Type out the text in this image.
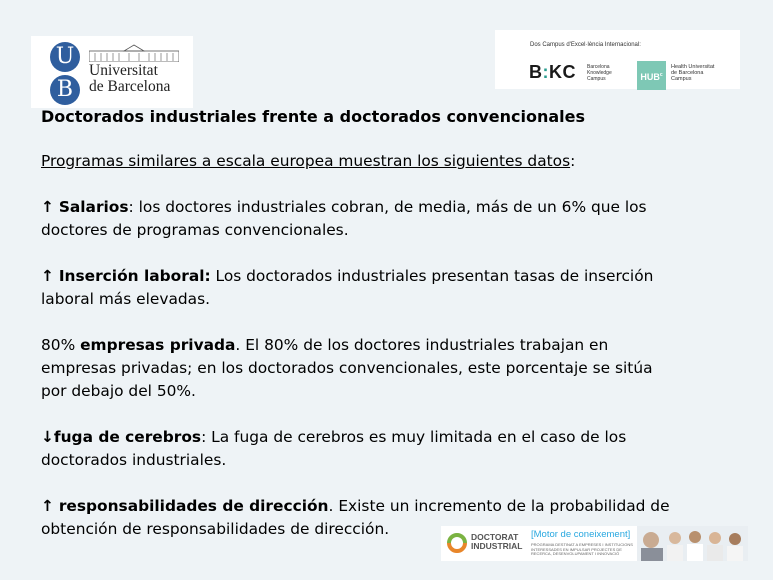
U
B
Universitat
de Barcelona
Dos Campus d'Excel·lència Internacional:
B:KC Barcelona
Knowledge
Campus	HUB$^c$
Health Universitat
de Barcelona
Campus

Doctorados industriales frente a doctorados convencionales

Programas similares a escala europea muestran los siguientes datos:

↑ Salarios: los doctores industriales cobran, de media, más de un 6% que los doctores de programas convencionales.

↑ Inserción laboral: Los doctorados industriales presentan tasas de inserción laboral más elevadas.

80% empresas privada. El 80% de los doctores industriales trabajan en empresas privadas; en los doctorados convencionales, este porcentaje se sitúa por debajo del 50%.

↓fuga de cerebros: La fuga de cerebros es muy limitada en el caso de los doctorados industriales.

↑ responsabilidades de dirección. Existe un incremento de la probabilidad de obtención de responsabilidades de dirección.	DOCTORAT
INDUSTRIAL
[Motor de coneixement]
PROGRAMA DESTINAT A EMPRESES I INSTITUCIONS INTERESSADES EN IMPULSAR PROJECTES DE RECERCA, DESENVOLUPAMENT I INNOVACIÓ
